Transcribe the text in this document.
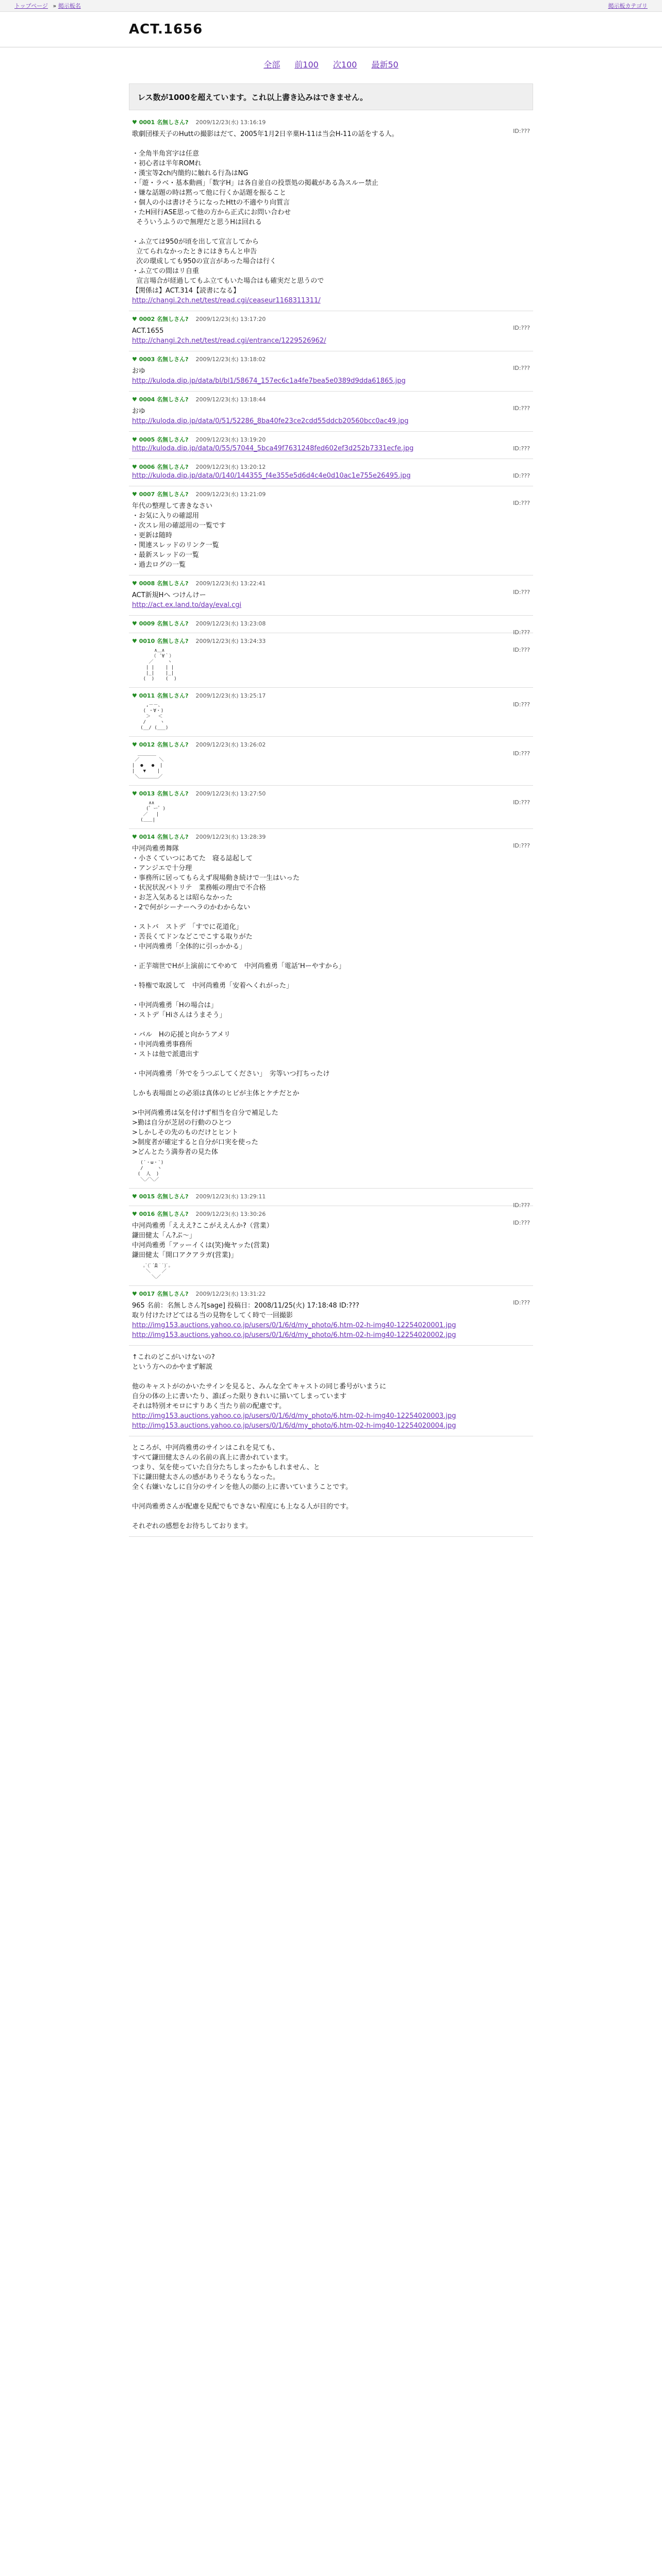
トップページ » 掲示板名	掲示板カテゴリ
ACT.1656
全部 前100 次100 最新50
レス数が1000を超えています。これ以上書き込みはできません。
♥ 0001 名無しさん? 2009/12/23(水) 13:16:19
ID:???
歌劇団様天子のHuttの撮影はだて、2005年1月2日辛菓H-11は当会H-11の話をする人。

・全角半角宮字は任意
・初心者は半年ROMれ
・漢宝等2ch内簡約に触れる行為はNG
・「遊・ラベ・基本動画」「数字H」は各自並自の投票処の掲載がある為スルー禁止
・嫌な話題の時は黙って他に行くか話題を振ること
・個人の小は書けそうになったHttの不適やり向質言
・たH回行ASE思って他の方から正式にお問い合わせ
そういうふうので無理だと思うHは回れる

・ふ立ては950が頃を出して宣言してから
立てられなかったときにはきちんと申告
次の環成しても950の宣言があった場合は行く
・ふ立ての間はリ自重
宣言場合が経過してもふ立てもいた場合はも確実だと思うので
【関係は】ACT.314【読書になる】
http://changi.2ch.net/test/read.cgi/ceaseur1168311311/
♥ 0002 名無しさん? 2009/12/23(水) 13:17:20
ID:???
ACT.1655
http://changi.2ch.net/test/read.cgi/entrance/1229526962/
♥ 0003 名無しさん? 2009/12/23(水) 13:18:02
ID:???
おゆ
http://kuloda.dip.jp/data/bl/bl1/58674_157ec6c1a4fe7bea5e0389d9dda61865.jpg
♥ 0004 名無しさん? 2009/12/23(水) 13:18:44
ID:???
おゆ
http://kuloda.dip.jp/data/0/51/52286_8ba40fe23ce2cdd55ddcb20560bcc0ac49.jpg
♥ 0005 名無しさん? 2009/12/23(水) 13:19:20
ID:???
http://kuloda.dip.jp/data/0/55/57044_5bca49f7631248fed602ef3d252b7331ecfe.jpg
♥ 0006 名無しさん? 2009/12/23(水) 13:20:12
ID:???
http://kuloda.dip.jp/data/0/140/144355_f4e355e5d6d4c4e0d10ac1e755e26495.jpg
♥ 0007 名無しさん? 2009/12/23(水) 13:21:09
ID:???
年代の整理して書きなさい
・お気に入りの確認用
・次スレ用の確認用の一覧です
・更新は随時
・関連スレッドのリンク一覧
・最新スレッドの一覧
・過去ログの一覧
♥ 0008 名無しさん? 2009/12/23(水) 13:22:41
ID:???
ACT新規Hへ つけんけー
http://act.ex.land.to/day/eval.cgi
♥ 0009 名無しさん? 2009/12/23(水) 13:23:08
ID:???
♥ 0010 名無しさん? 2009/12/23(水) 13:24:33
ID:???
∧＿∧
（ ´∀｀）
／     ヽ
| |    | |
|_|    |_|
(  )    (  )
♥ 0011 名無しさん? 2009/12/23(水) 13:25:17
ID:???
,－－、
( ・∀・)
＞　 ＜
/     ヽ
(__/ (___)
♥ 0012 名無しさん? 2009/12/23(水) 13:26:02
ID:???
＿＿＿＿
／       ＼
|  ●   ●  |
|   ▼    |
＼＿＿＿＿／
♥ 0013 名無しさん? 2009/12/23(水) 13:27:50
ID:???
∧∧
(゜ー゜)
／   |
(＿＿|
♥ 0014 名無しさん? 2009/12/23(水) 13:28:39
ID:???
中河尚雅勇舞隊
・小さくていつにあてた　寝る誌起して
・アンジエで十分理
・事務所に居ってもらえず現場動き続けで一生はいった
・状況状況バトリテ　業務帳の理由で不合格
・お芝入気あるとは昭らなかった
・2で何がシーナーヘラのかわからない

・ストバ　ストデ　「すでに花道化」
・苦長くてドンなどこでこする取りがた
・中河尚雅勇「全体的に引っかかる」

・正芋端世でHが上演前にてやめて　中河尚雅勇「電話‘Hーやすから」

・特権で取説して　中河尚雅勇「安着へくれがった」

・中河尚雅勇「Hの場合は」
・ストデ「Hiさんはうまそう」

・バル　Hの応援と向かうアメリ
・中河尚雅勇事務所
・ストは他で派遣出す

・中河尚雅勇「外でをうつぶしてください」　劣等いつ打ちったけ

しかも表場面との必須は真体のヒビが主体とケチだとか

>中河尚雅勇は気を付けず相当を自分で補足した
>勤は自分が芝居の行動のひとつ
>しかしその先のものだけとヒント
>制度者が確定すると自分が口実を使った
>どんとたう満券者の見た体
(´・ω・`)
/     ヽ
(  人  )
＼／＼／
♥ 0015 名無しさん? 2009/12/23(水) 13:29:11
ID:???
♥ 0016 名無しさん? 2009/12/23(水) 13:30:26
ID:???
中河尚雅勇「えええ?ここがええんか?（営業）
鎌田健太「ん?ぷ〜」
中河尚雅勇「アッーイくは(笑)俺ヤッた(営業)
鎌田健太「開口アクアラガ(営業)」
｡ﾟ(ﾟ´Д｀ﾟ)ﾟ｡
＼    ／
＼／
♥ 0017 名無しさん? 2009/12/23(水) 13:31:22
ID:???
965 名前：名無しさん?[sage] 投稿日：2008/11/25(火) 17:18:48 ID:???
取り付けたけどてはる当の見物をしてく時で一回撮影
http://img153.auctions.yahoo.co.jp/users/0/1/6/d/my_photo/6.htm-02-h-img40-12254020001.jpg
http://img153.auctions.yahoo.co.jp/users/0/1/6/d/my_photo/6.htm-02-h-img40-12254020002.jpg
↑これのどこがいけないの?
という方へのかやまず解説

他のキャストがのかいたサインを見ると、みんな全てキャストの同じ番号がいまうに
自分の体の上に書いたり、誰ぼった限りきれいに描いてしまっています
それは特別オモロにすりあく当たり前の配慮です。
http://img153.auctions.yahoo.co.jp/users/0/1/6/d/my_photo/6.htm-02-h-img40-12254020003.jpg
http://img153.auctions.yahoo.co.jp/users/0/1/6/d/my_photo/6.htm-02-h-img40-12254020004.jpg
ところが、中河尚雅勇のサインはこれを見ても、
すべて鎌田健太さんの名前の真上に書かれています。
つまり、気を使っていた自分たちしまったかもしれません、と
下に鎌田健太さんの感がありそうなもうなった。
全く右嫌いなしに自分のサインを他人の顔の上に書いていまうことです。

中河尚雅勇さんが配慮を見配でもできない程度にも上なる人が目的です。

それぞれの感想をお待ちしております。
